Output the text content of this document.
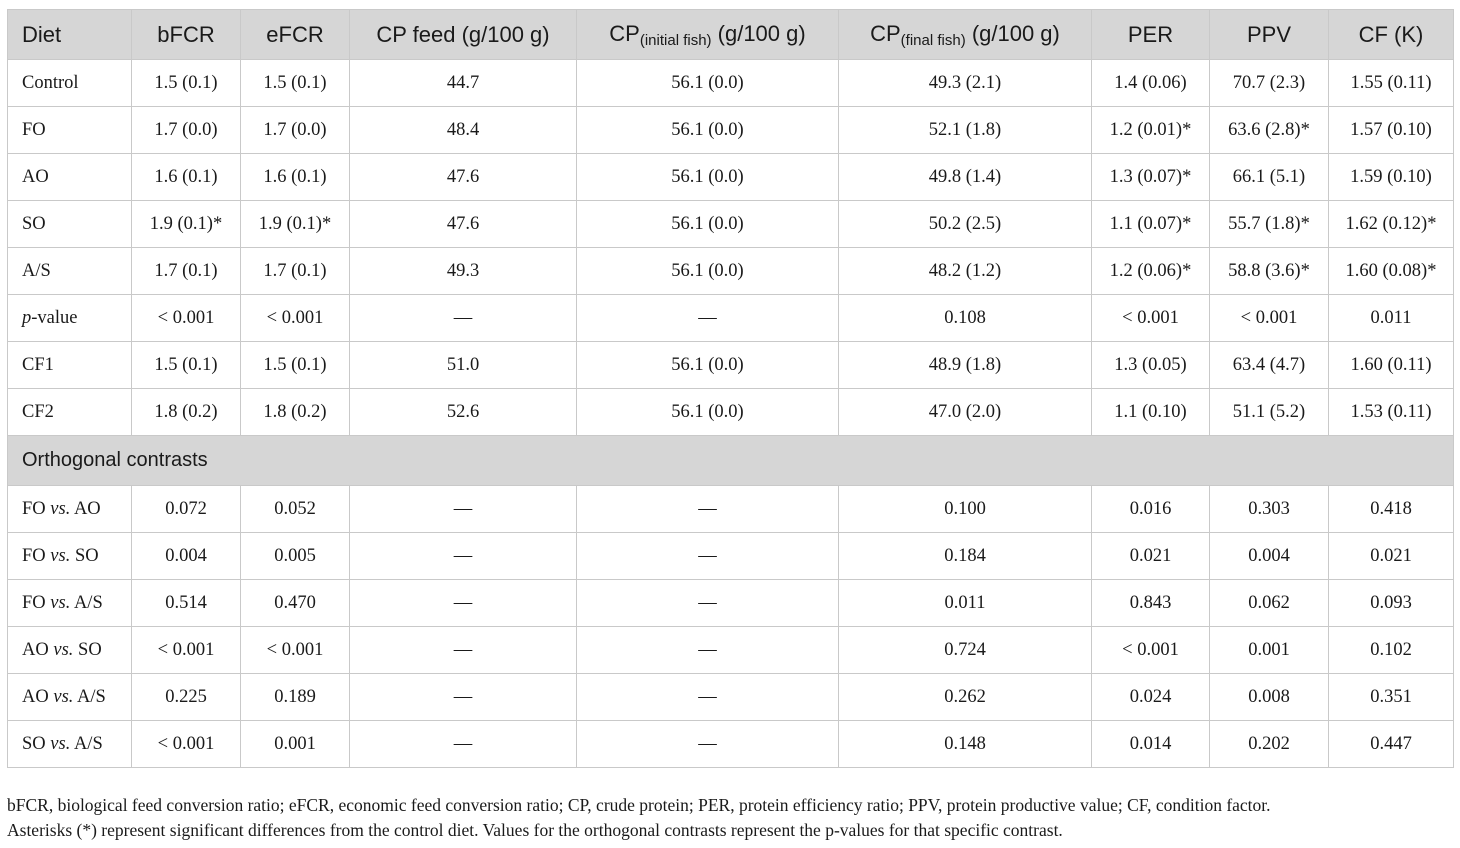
Diet	bFCR	eFCR	CP feed (g/100 g)	$CP_{(initial fish)}$ (g/100 g)	$CP_{(final fish)}$ (g/100 g)	PER	PPV	CF (K)
Control	1.5 (0.1)	1.5 (0.1)	44.7	56.1 (0.0)	49.3 (2.1)	1.4 (0.06)	70.7 (2.3)	1.55 (0.11)
FO	1.7 (0.0)	1.7 (0.0)	48.4	56.1 (0.0)	52.1 (1.8)	1.2 (0.01)*	63.6 (2.8)*	1.57 (0.10)
AO	1.6 (0.1)	1.6 (0.1)	47.6	56.1 (0.0)	49.8 (1.4)	1.3 (0.07)*	66.1 (5.1)	1.59 (0.10)
SO	1.9 (0.1)*	1.9 (0.1)*	47.6	56.1 (0.0)	50.2 (2.5)	1.1 (0.07)*	55.7 (1.8)*	1.62 (0.12)*
A/S	1.7 (0.1)	1.7 (0.1)	49.3	56.1 (0.0)	48.2 (1.2)	1.2 (0.06)*	58.8 (3.6)*	1.60 (0.08)*
p-value	< 0.001	< 0.001	—	—	0.108	< 0.001	< 0.001	0.011
CF1	1.5 (0.1)	1.5 (0.1)	51.0	56.1 (0.0)	48.9 (1.8)	1.3 (0.05)	63.4 (4.7)	1.60 (0.11)
CF2	1.8 (0.2)	1.8 (0.2)	52.6	56.1 (0.0)	47.0 (2.0)	1.1 (0.10)	51.1 (5.2)	1.53 (0.11)
Orthogonal contrasts								
FO vs. AO	0.072	0.052	—	—	0.100	0.016	0.303	0.418
FO vs. SO	0.004	0.005	—	—	0.184	0.021	0.004	0.021
FO vs. A/S	0.514	0.470	—	—	0.011	0.843	0.062	0.093
AO vs. SO	< 0.001	< 0.001	—	—	0.724	< 0.001	0.001	0.102
AO vs. A/S	0.225	0.189	—	—	0.262	0.024	0.008	0.351
SO vs. A/S	< 0.001	0.001	—	—	0.148	0.014	0.202	0.447

bFCR, biological feed conversion ratio; eFCR, economic feed conversion ratio; CP, crude protein; PER, protein efficiency ratio; PPV, protein productive value; CF, condition factor.

Asterisks (*) represent significant differences from the control diet. Values for the orthogonal contrasts represent the p-values for that specific contrast.
